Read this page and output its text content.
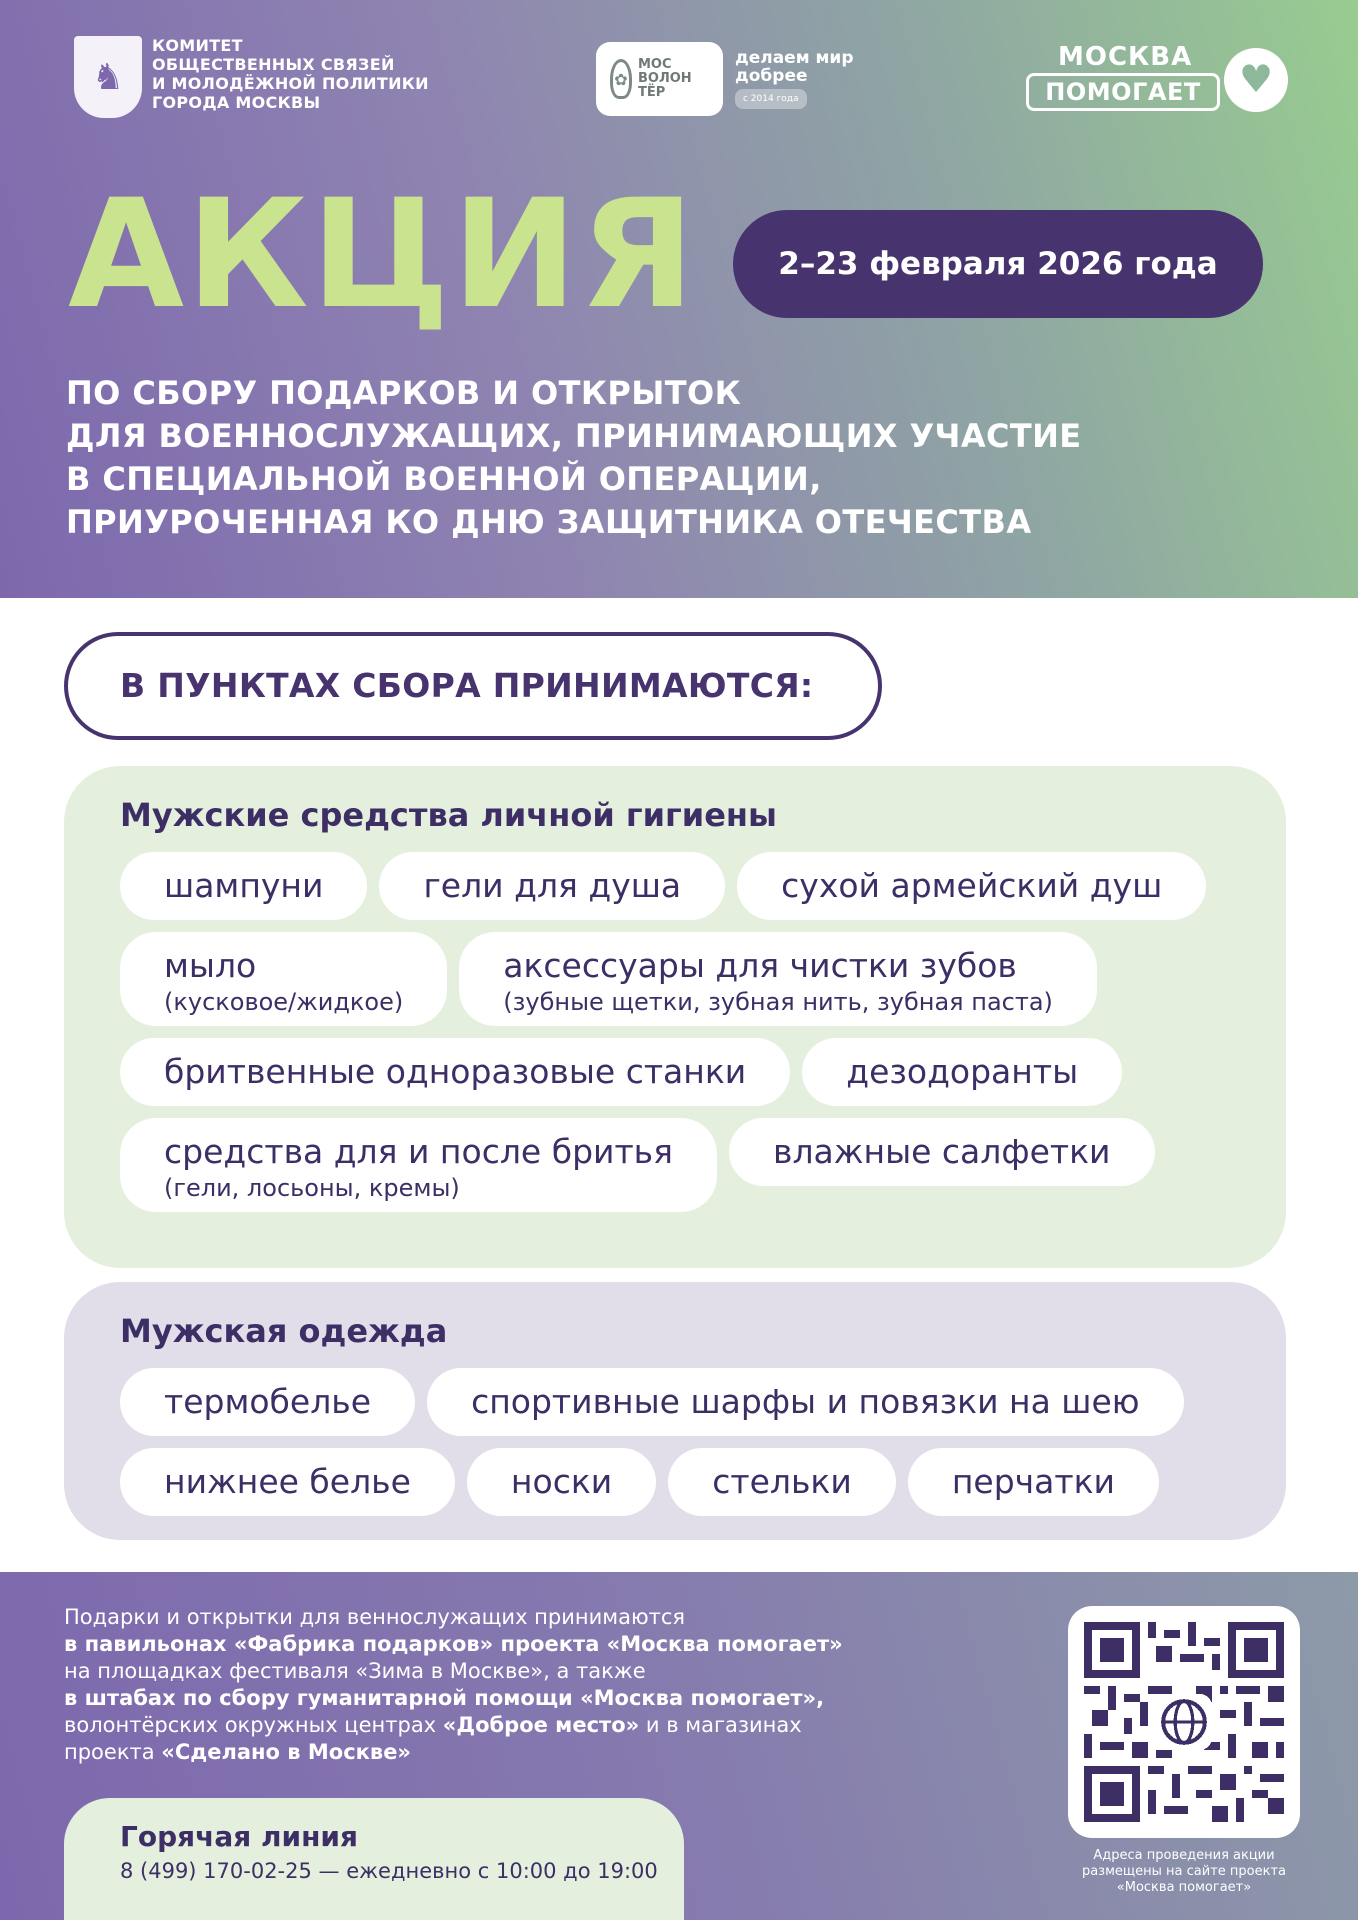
♞
КОМИТЕТ
ОБЩЕСТВЕННЫХ СВЯЗЕЙ
И МОЛОДЁЖНОЙ ПОЛИТИКИ
ГОРОДА МОСКВЫ
✿
МОС
ВОЛОН
ТЁР
делаем мир
добрее
с 2014 года
МОСКВА
ПОМОГАЕТ	♥
АКЦИЯ	2–23 февраля 2026 года
ПО СБОРУ ПОДАРКОВ И ОТКРЫТОК
ДЛЯ ВОЕННОСЛУЖАЩИХ, ПРИНИМАЮЩИХ УЧАСТИЕ
В СПЕЦИАЛЬНОЙ ВОЕННОЙ ОПЕРАЦИИ,
ПРИУРОЧЕННАЯ КО ДНЮ ЗАЩИТНИКА ОТЕЧЕСТВА
В ПУНКТАХ СБОРА ПРИНИМАЮТСЯ:
Мужские средства личной гигиены
шампуни	гели для душа	сухой армейский душ
мыло
(кусковое/жидкое)
аксессуары для чистки зубов
(зубные щетки, зубная нить, зубная паста)
бритвенные одноразовые станки	дезодоранты
средства для и после бритья
(гели, лосьоны, кремы)
влажные салфетки
Мужская одежда
термобелье	спортивные шарфы и повязки на шею
нижнее белье	носки	стельки	перчатки
Подарки и открытки для веннослужащих принимаются
в павильонах «Фабрика подарков» проекта «Москва помогает»
на площадках фестиваля «Зима в Москве», а также
в штабах по сбору гуманитарной помощи «Москва помогает»,
волонтёрских окружных центрах «Доброе место» и в магазинах
проекта «Сделано в Москве»
Горячая линия
8 (499) 170-02-25 — ежедневно с 10:00 до 19:00
Адреса проведения акции
размещены на сайте проекта
«Москва помогает»
